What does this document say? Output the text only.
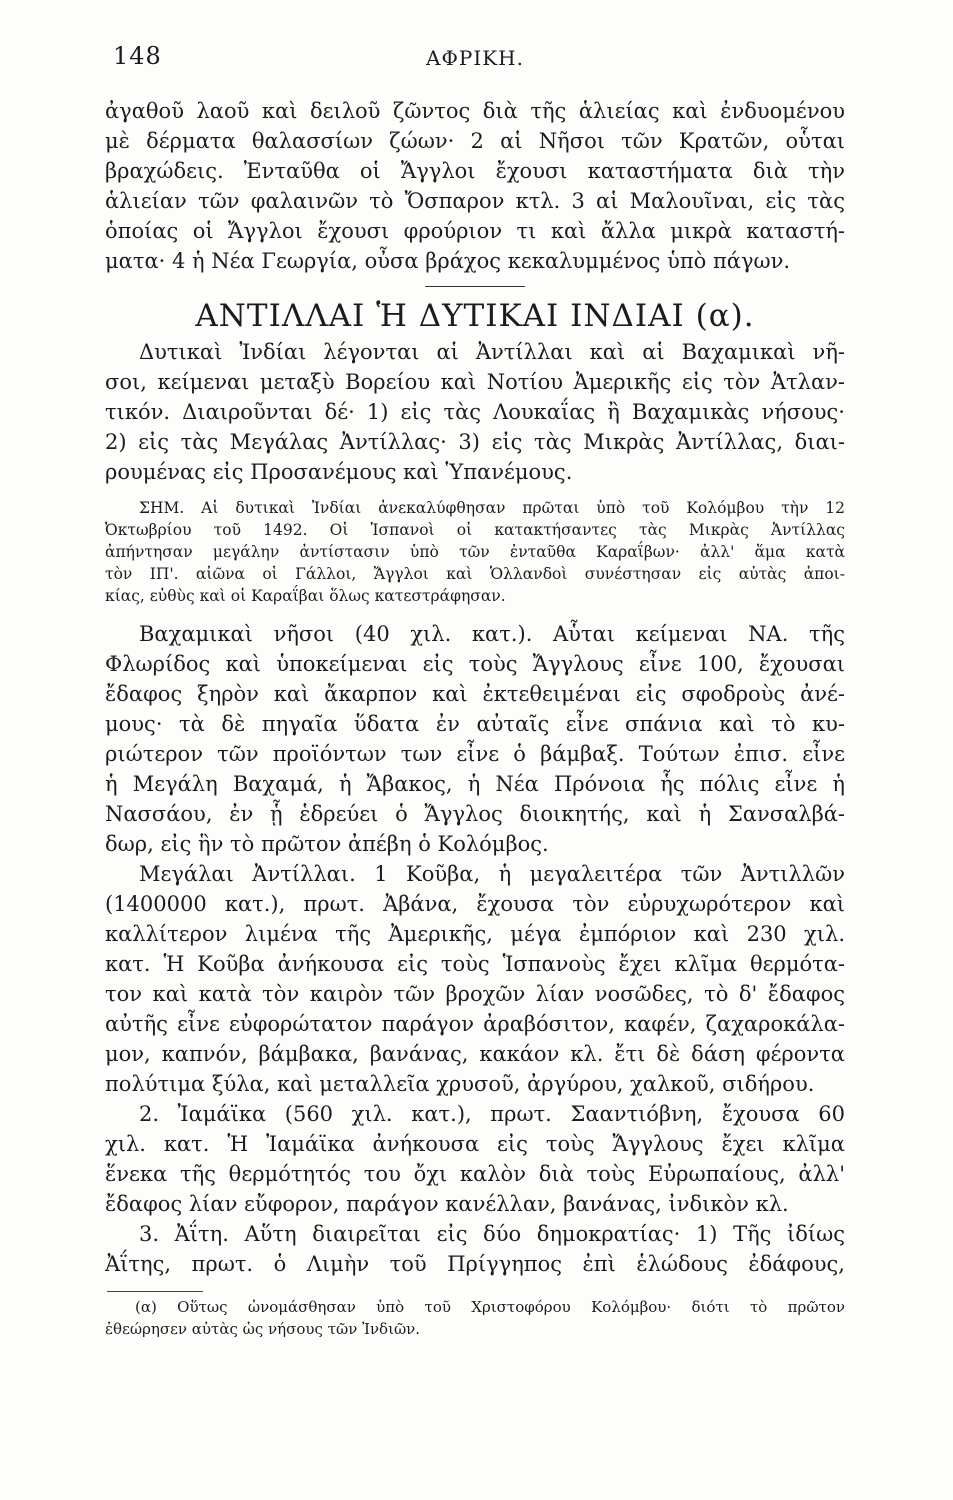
148	ΑΦΡΙΚΗ.
ἀγαθοῦ λαοῦ καὶ δειλοῦ ζῶντος διὰ τῆς ἁλιείας καὶ ἐνδυομένου
μὲ δέρματα θαλασσίων ζώων· 2 αἱ Νῆσοι τῶν Κρατῶν, οὗται
βραχώδεις. Ἐνταῦθα οἱ Ἄγγλοι ἔχουσι καταστήματα διὰ τὴν
ἁλιείαν τῶν φαλαινῶν τὸ Ὄσπαρον κτλ. 3 αἱ Μαλουῖναι, εἰς τὰς
ὁποίας οἱ Ἄγγλοι ἔχουσι φρούριον τι καὶ ἄλλα μικρὰ καταστή-
ματα· 4 ἡ Νέα Γεωργία, οὖσα βράχος κεκαλυμμένος ὑπὸ πάγων.
ΑΝΤΙΛΛΑΙ Ἡ ΔΥΤΙΚΑΙ ΙΝΔΙΑΙ (α).
Δυτικαὶ Ἰνδίαι λέγονται αἱ Ἀντίλλαι καὶ αἱ Βαχαμικαὶ νῆ-
σοι, κείμεναι μεταξὺ Βορείου καὶ Νοτίου Ἀμερικῆς εἰς τὸν Ἀτλαν-
τικόν. Διαιροῦνται δέ· 1) εἰς τὰς Λουκαΐας ἢ Βαχαμικὰς νήσους·
2) εἰς τὰς Μεγάλας Ἀντίλλας· 3) εἰς τὰς Μικρὰς Ἀντίλλας, διαι-
ρουμένας εἰς Προσανέμους καὶ Ὑπανέμους.
ΣΗΜ. Αἱ δυτικαὶ Ἰνδίαι ἀνεκαλύφθησαν πρῶται ὑπὸ τοῦ Κολόμβου τὴν 12
Ὀκτωβρίου τοῦ 1492. Οἱ Ἱσπανοὶ οἱ κατακτήσαντες τὰς Μικρὰς Ἀντίλλας
ἀπήντησαν μεγάλην ἀντίστασιν ὑπὸ τῶν ἐνταῦθα Καραΐβων· ἀλλ' ἅμα κατὰ
τὸν ΙΠ'. αἰῶνα οἱ Γάλλοι, Ἄγγλοι καὶ Ὁλλανδοὶ συνέστησαν εἰς αὐτὰς ἀποι-
κίας, εὐθὺς καὶ οἱ Καραΐβαι ὅλως κατεστράφησαν.
Βαχαμικαὶ νῆσοι (40 χιλ. κατ.). Αὗται κείμεναι ΝΑ. τῆς
Φλωρίδος καὶ ὑποκείμεναι εἰς τοὺς Ἄγγλους εἶνε 100, ἔχουσαι
ἔδαφος ξηρὸν καὶ ἄκαρπον καὶ ἐκτεθειμέναι εἰς σφοδροὺς ἀνέ-
μους· τὰ δὲ πηγαῖα ὕδατα ἐν αὐταῖς εἶνε σπάνια καὶ τὸ κυ-
ριώτερον τῶν προϊόντων των εἶνε ὁ βάμβαξ. Τούτων ἐπισ. εἶνε
ἡ Μεγάλη Βαχαμά, ἡ Ἄβακος, ἡ Νέα Πρόνοια ἧς πόλις εἶνε ἡ
Νασσάου, ἐν ᾗ ἑδρεύει ὁ Ἄγγλος διοικητής, καὶ ἡ Σανσαλβά-
δωρ, εἰς ἣν τὸ πρῶτον ἀπέβη ὁ Κολόμβος.
Μεγάλαι Ἀντίλλαι. 1 Κοῦβα, ἡ μεγαλειτέρα τῶν Ἀντιλλῶν
(1400000 κατ.), πρωτ. Ἀβάνα, ἔχουσα τὸν εὐρυχωρότερον καὶ
καλλίτερον λιμένα τῆς Ἀμερικῆς, μέγα ἐμπόριον καὶ 230 χιλ.
κατ. Ἡ Κοῦβα ἀνήκουσα εἰς τοὺς Ἱσπανοὺς ἔχει κλῖμα θερμότα-
τον καὶ κατὰ τὸν καιρὸν τῶν βροχῶν λίαν νοσῶδες, τὸ δ' ἔδαφος
αὐτῆς εἶνε εὐφορώτατον παράγον ἀραβόσιτον, καφέν, ζαχαροκάλα-
μον, καπνόν, βάμβακα, βανάνας, κακάον κλ. ἔτι δὲ δάση φέροντα
πολύτιμα ξύλα, καὶ μεταλλεῖα χρυσοῦ, ἀργύρου, χαλκοῦ, σιδήρου.
2. Ἰαμάϊκα (560 χιλ. κατ.), πρωτ. Σααντιόβνη, ἔχουσα 60
χιλ. κατ. Ἡ Ἰαμάϊκα ἀνήκουσα εἰς τοὺς Ἄγγλους ἔχει κλῖμα
ἕνεκα τῆς θερμότητός του ὄχι καλὸν διὰ τοὺς Εὐρωπαίους, ἀλλ'
ἔδαφος λίαν εὔφορον, παράγον κανέλλαν, βανάνας, ἰνδικὸν κλ.
3. Ἀΐτη. Αὕτη διαιρεῖται εἰς δύο δημοκρατίας· 1) Τῆς ἰδίως
Ἀΐτης, πρωτ. ὁ Λιμὴν τοῦ Πρίγγηπος ἐπὶ ἑλώδους ἐδάφους,
(α) Οὕτως ὠνομάσθησαν ὑπὸ τοῦ Χριστοφόρου Κολόμβου· διότι τὸ πρῶτον
ἐθεώρησεν αὐτὰς ὡς νήσους τῶν Ἰνδιῶν.
